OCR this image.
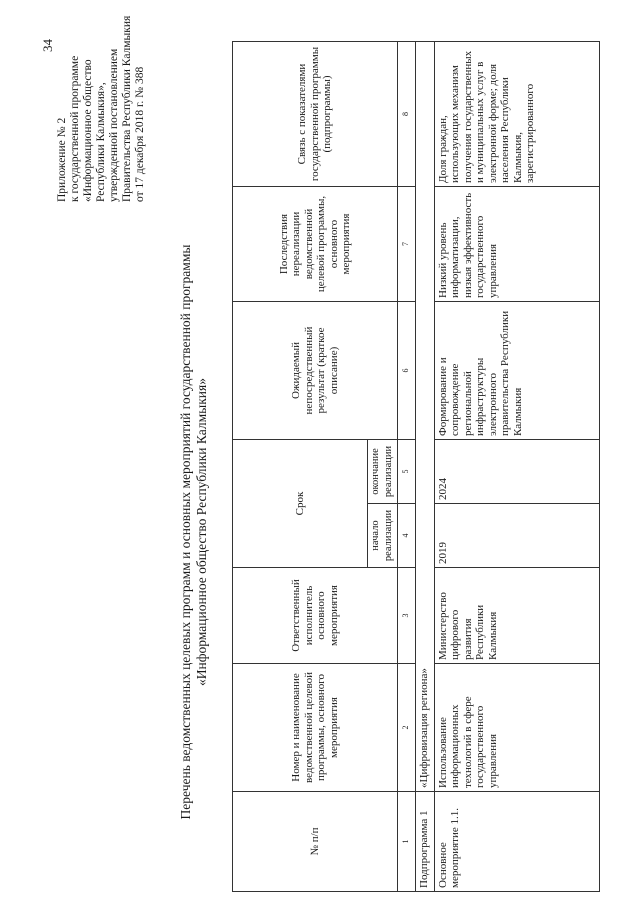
34
Приложение № 2 к государственной программе «Информационное общество Республики Калмыкия», утвержденной постановлением Правительства Республики Калмыкия от 17 декабря 2018 г. № 388
Перечень ведомственных целевых программ и основных мероприятий государственной программы «Информационное общество Республики Калмыкия»
№ п/п	Номер и наименование ведомственной целевой программы, основного мероприятия	Ответственный исполнитель основного мероприятия	Срок		Ожидаемый непосредственный результат (краткое описание)	Последствия нереализации ведомственной целевой программы, основного мероприятия	Связь с показателями государственной программы (подпрограммы)
			начало реализации	окончание реализации			
1	2	3	4	5	6	7	8
Подпрограмма 1	«Цифровизация региона»						
Основное мероприятие 1.1.	Использование информационных технологий в сфере государственного управления	Министерство цифрового развития Республики Калмыкия	2019	2024	Формирование и сопровождение региональной инфраструктуры электронного правительства Республики Калмыкия	Низкий уровень информатизации, низкая эффективность государственного управления	Доля граждан, использующих механизм получения государственных и муниципальных услуг в электронной форме; доля населения Республики Калмыкия, зарегистрированного
